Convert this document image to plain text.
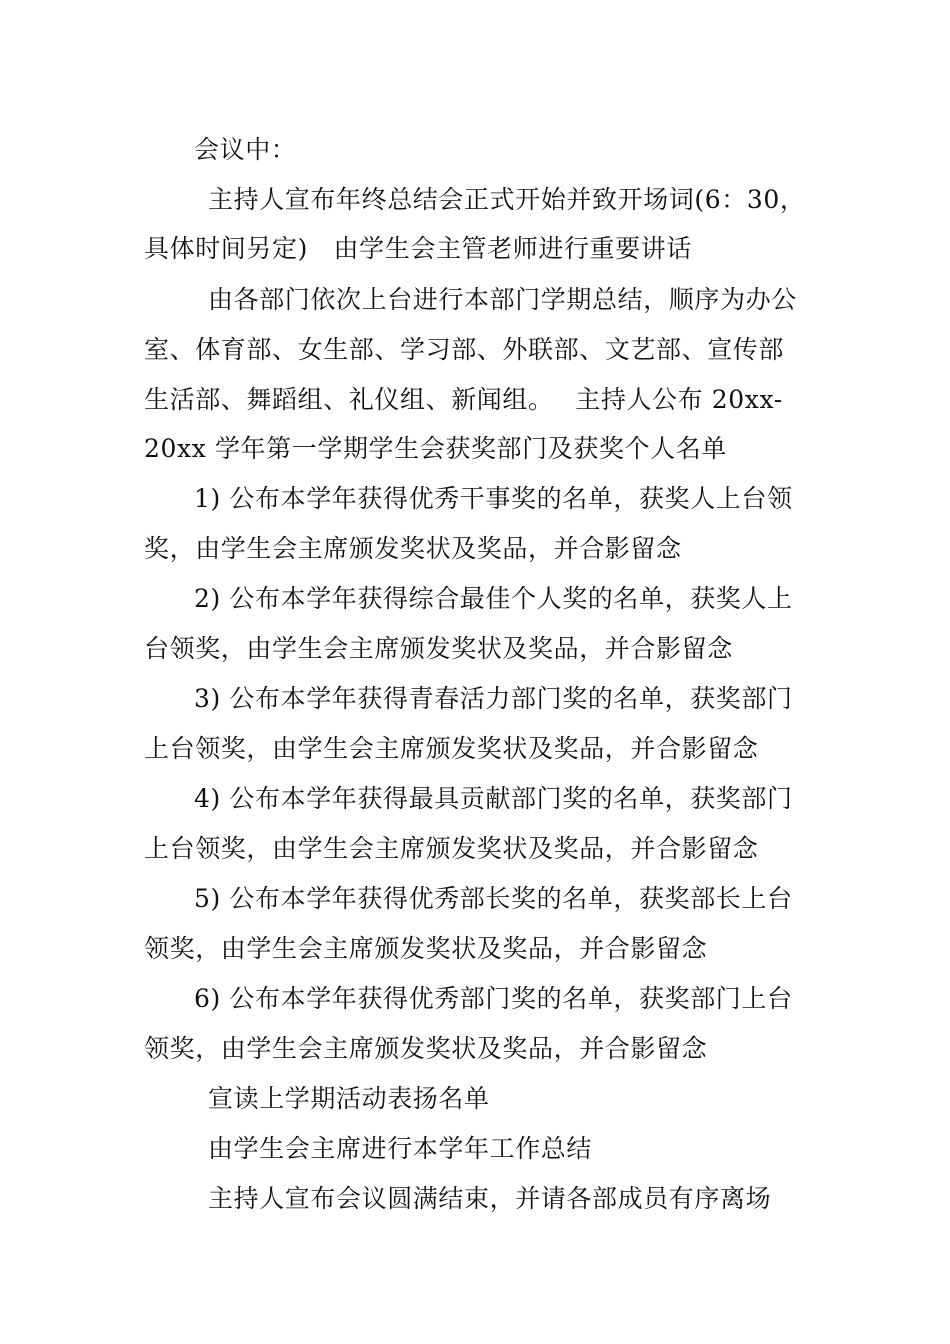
会议中：
主持人宣布年终总结会正式开始并致开场词(6：30，
具体时间另定)　由学生会主管老师进行重要讲话
由各部门依次上台进行本部门学期总结，顺序为办公
室、体育部、女生部、学习部、外联部、文艺部、宣传部
生活部、舞蹈组、礼仪组、新闻组。　 主持人公布 20xx-
20xx 学年第一学期学生会获奖部门及获奖个人名单
1) 公布本学年获得优秀干事奖的名单，获奖人上台领
奖，由学生会主席颁发奖状及奖品，并合影留念
2) 公布本学年获得综合最佳个人奖的名单，获奖人上
台领奖，由学生会主席颁发奖状及奖品，并合影留念
3) 公布本学年获得青春活力部门奖的名单，获奖部门
上台领奖，由学生会主席颁发奖状及奖品，并合影留念
4) 公布本学年获得最具贡献部门奖的名单，获奖部门
上台领奖，由学生会主席颁发奖状及奖品，并合影留念
5) 公布本学年获得优秀部长奖的名单，获奖部长上台
领奖，由学生会主席颁发奖状及奖品，并合影留念
6) 公布本学年获得优秀部门奖的名单，获奖部门上台
领奖，由学生会主席颁发奖状及奖品，并合影留念
宣读上学期活动表扬名单
由学生会主席进行本学年工作总结
主持人宣布会议圆满结束，并请各部成员有序离场
